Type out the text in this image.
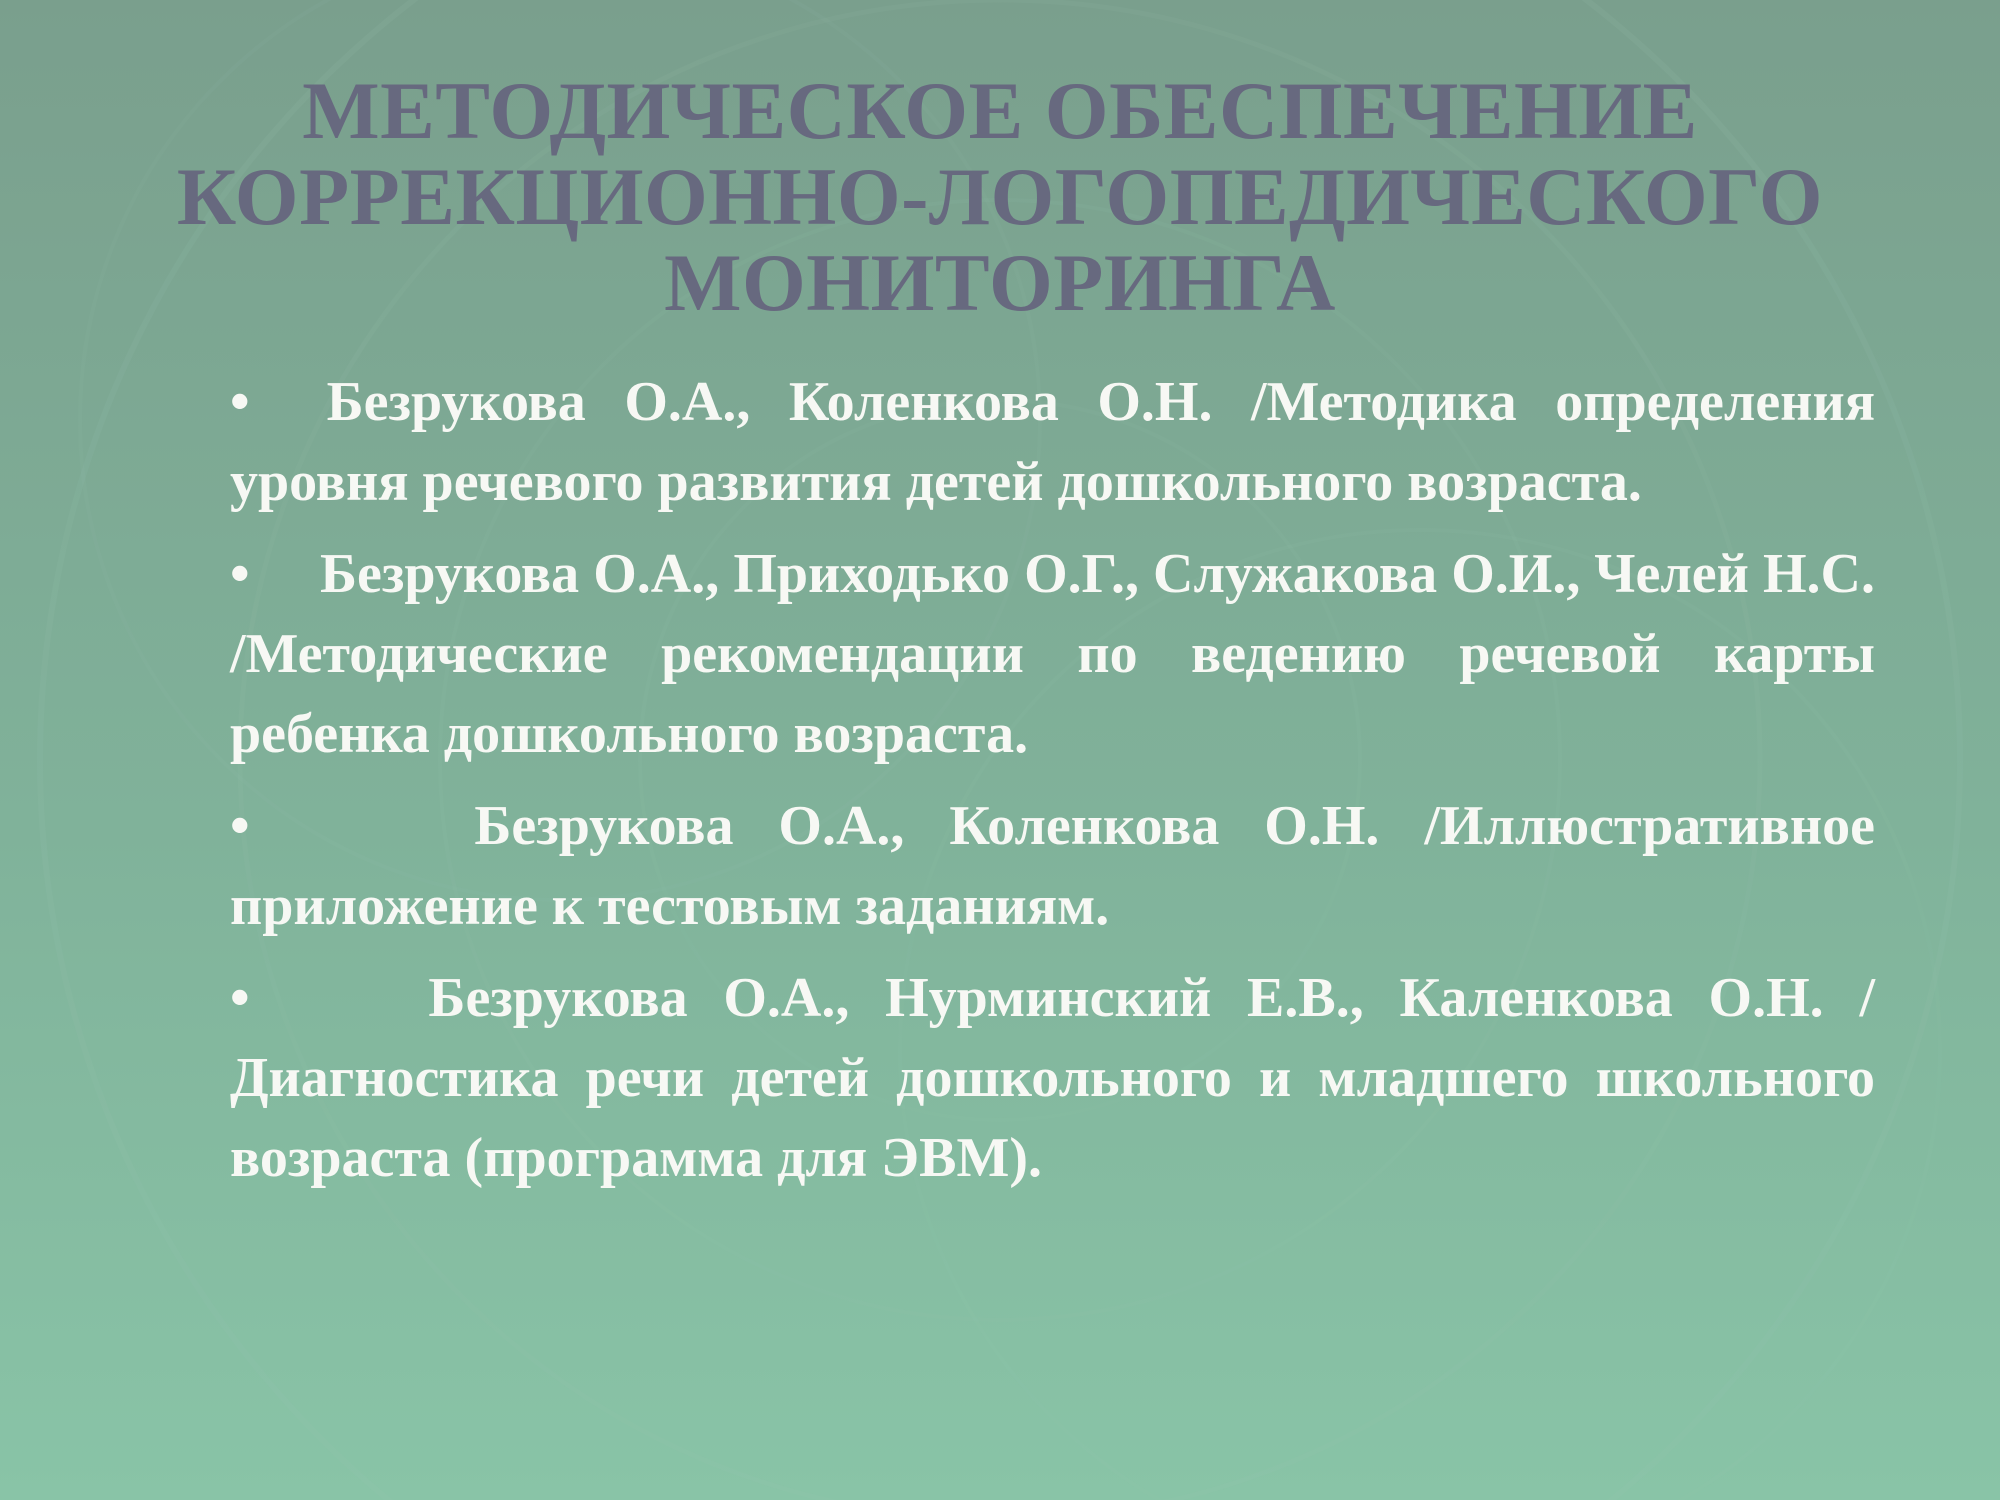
МЕТОДИЧЕСКОЕ ОБЕСПЕЧЕНИЕ
КОРРЕКЦИОННО-ЛОГОПЕДИЧЕСКОГО
МОНИТОРИНГА
•  Безрукова О.А., Коленкова О.Н. /Методика определения уровня речевого развития детей дошкольного возраста.
•     Безрукова О.А., Приходько О.Г., Служакова О.И., Челей Н.С. /Методические рекомендации по ведению речевой карты ребенка дошкольного возраста.
•     Безрукова О.А., Коленкова О.Н. /Иллюстративное приложение к тестовым заданиям.
•     Безрукова О.А., Нурминский Е.В., Каленкова О.Н. /Диагностика речи детей дошкольного и младшего школьного возраста (программа для ЭВМ).
